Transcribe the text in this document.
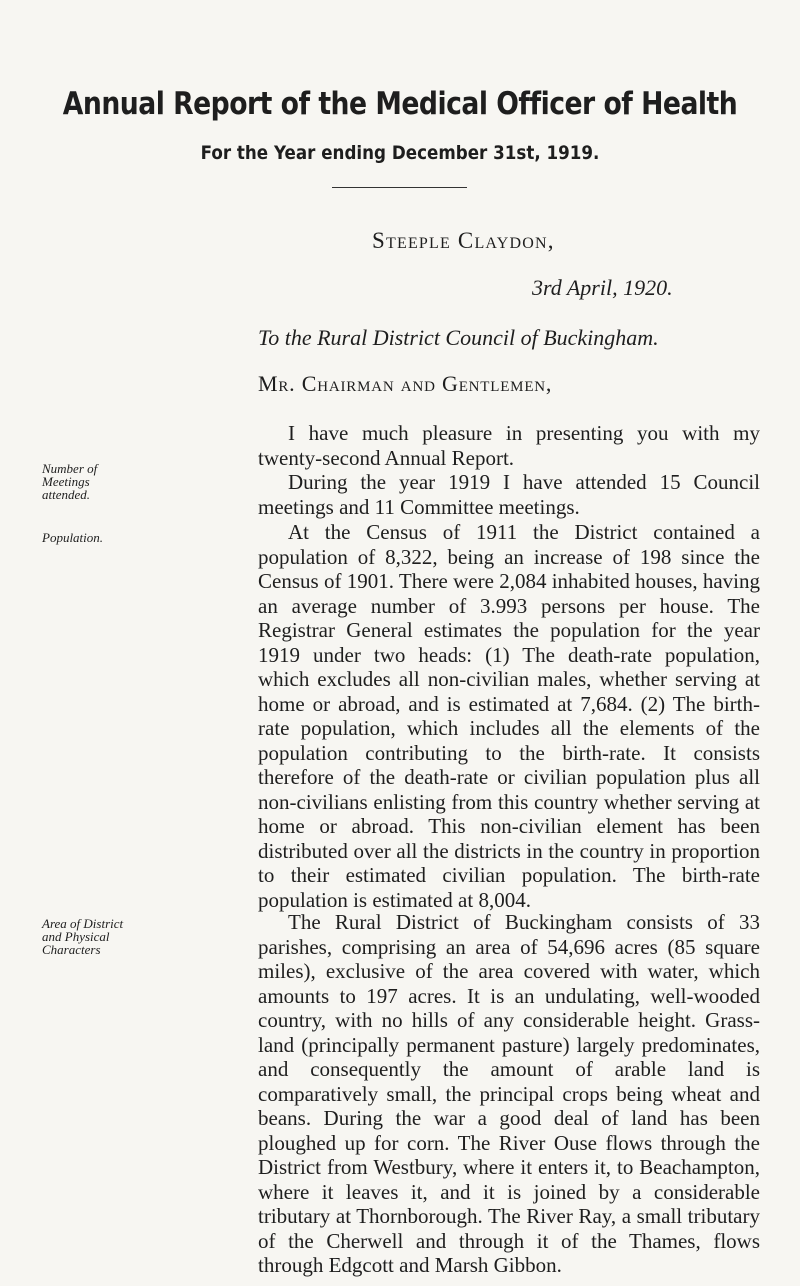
Annual Report of the Medical Officer of Health
For the Year ending December 31st, 1919.
Steeple Claydon,
3rd April, 1920.
To the Rural District Council of Buckingham.
Mr. Chairman and Gentlemen,

I have much pleasure in presenting you with my twenty-second Annual Report.

During the year 1919 I have attended 15 Council meetings and 11 Committee meetings.

At the Census of 1911 the District contained a population of 8,322, being an increase of 198 since the Census of 1901. There were 2,084 inhabited houses, having an average number of 3.993 persons per house. The Registrar General estimates the population for the year 1919 under two heads: (1) The death-rate population, which excludes all non-civilian males, whether serving at home or abroad, and is estimated at 7,684. (2) The birth-rate population, which includes all the elements of the population contributing to the birth-rate. It consists therefore of the death-rate or civilian population plus all non-civilians enlisting from this country whether serving at home or abroad. This non-civilian element has been distributed over all the districts in the country in proportion to their estimated civilian population. The birth-rate population is estimated at 8,004.

The Rural District of Buckingham consists of 33 parishes, comprising an area of 54,696 acres (85 square miles), exclusive of the area covered with water, which amounts to 197 acres. It is an undulating, well-wooded country, with no hills of any considerable height. Grass-land (principally permanent pasture) largely predominates, and consequently the amount of arable land is comparatively small, the principal crops being wheat and beans. During the war a good deal of land has been ploughed up for corn. The River Ouse flows through the District from Westbury, where it enters it, to Beachampton, where it leaves it, and it is joined by a considerable tributary at Thornborough. The River Ray, a small tributary of the Cherwell and through it of the Thames, flows through Edgcott and Marsh Gibbon.

Number of Meetings attended.
Population.
Area of District and Physical Characters
